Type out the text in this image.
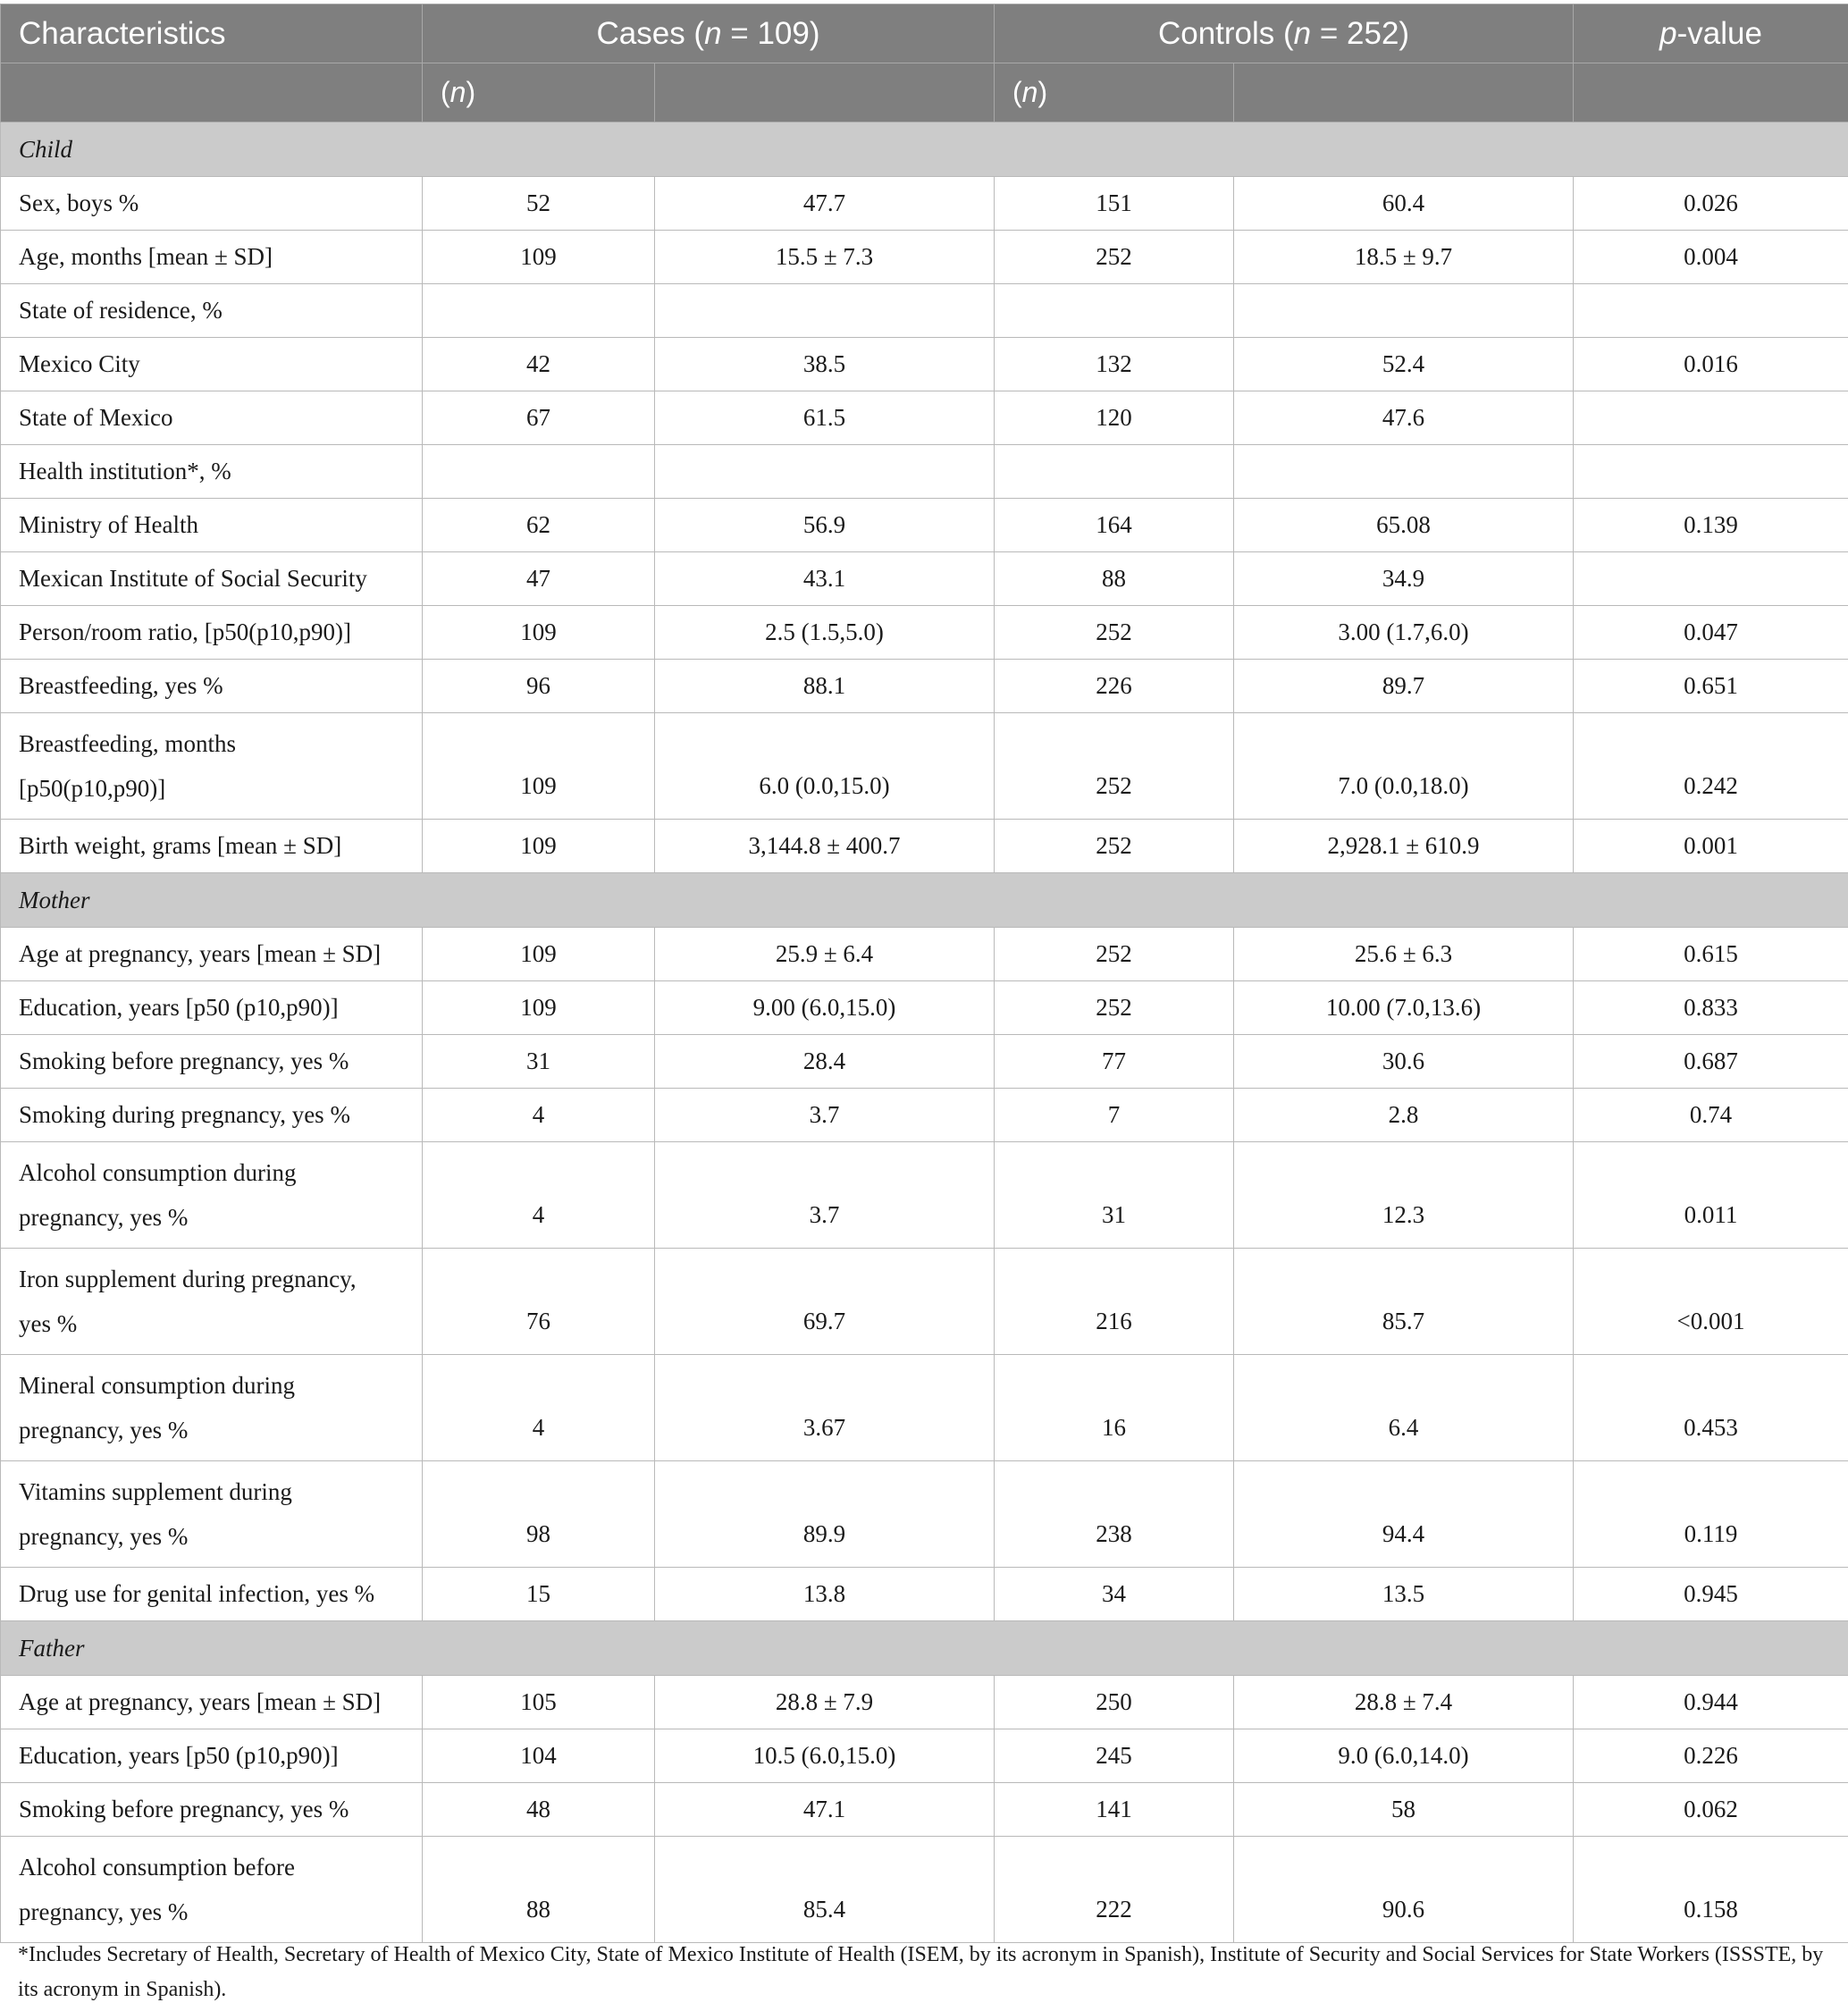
Characteristics	Cases (n = 109)		Controls (n = 252)		p-value
	(n)		(n)		
Child					
Sex, boys %	52	47.7	151	60.4	0.026
Age, months [mean ± SD]	109	15.5 ± 7.3	252	18.5 ± 9.7	0.004
State of residence, %					
Mexico City	42	38.5	132	52.4	0.016
State of Mexico	67	61.5	120	47.6	
Health institution*, %					
Ministry of Health	62	56.9	164	65.08	0.139
Mexican Institute of Social Security	47	43.1	88	34.9	
Person/room ratio, [p50(p10,p90)]	109	2.5 (1.5,5.0)	252	3.00 (1.7,6.0)	0.047
Breastfeeding, yes %	96	88.1	226	89.7	0.651

Breastfeeding, months
[p50(p10,p90)]	109	6.0 (0.0,15.0)	252	7.0 (0.0,18.0)	0.242
Birth weight, grams [mean ± SD]	109	3,144.8 ± 400.7	252	2,928.1 ± 610.9	0.001
Mother					
Age at pregnancy, years [mean ± SD]	109	25.9 ± 6.4	252	25.6 ± 6.3	0.615
Education, years [p50 (p10,p90)]	109	9.00 (6.0,15.0)	252	10.00 (7.0,13.6)	0.833
Smoking before pregnancy, yes %	31	28.4	77	30.6	0.687
Smoking during pregnancy, yes %	4	3.7	7	2.8	0.74

Alcohol consumption during
pregnancy, yes %	4	3.7	31	12.3	0.011

Iron supplement during pregnancy,
yes %	76	69.7	216	85.7	<0.001

Mineral consumption during
pregnancy, yes %	4	3.67	16	6.4	0.453

Vitamins supplement during
pregnancy, yes %	98	89.9	238	94.4	0.119
Drug use for genital infection, yes %	15	13.8	34	13.5	0.945
Father					
Age at pregnancy, years [mean ± SD]	105	28.8 ± 7.9	250	28.8 ± 7.4	0.944
Education, years [p50 (p10,p90)]	104	10.5 (6.0,15.0)	245	9.0 (6.0,14.0)	0.226
Smoking before pregnancy, yes %	48	47.1	141	58	0.062

Alcohol consumption before
pregnancy, yes %	88	85.4	222	90.6	0.158
*Includes Secretary of Health, Secretary of Health of Mexico City, State of Mexico Institute of Health (ISEM, by its acronym in Spanish), Institute of Security and Social Services for State Workers (ISSSTE, by its acronym in Spanish).
